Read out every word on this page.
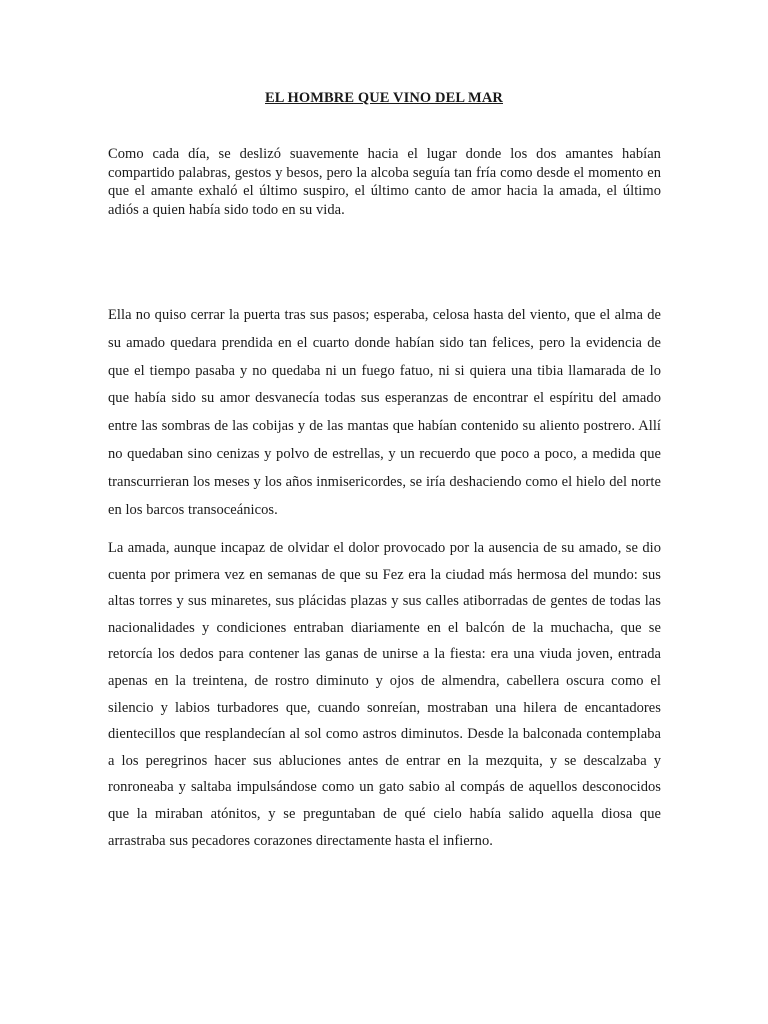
EL HOMBRE QUE VINO DEL MAR

Como cada día, se deslizó suavemente hacia el lugar donde los dos amantes habían compartido palabras, gestos y besos, pero la alcoba seguía tan fría como desde el momento en que el amante exhaló el último suspiro, el último canto de amor hacia la amada, el último adiós a quien había sido todo en su vida.

Ella no quiso cerrar la puerta tras sus pasos; esperaba, celosa hasta del viento, que el alma de su amado quedara prendida en el cuarto donde habían sido tan felices, pero la evidencia de que el tiempo pasaba y no quedaba ni un fuego fatuo, ni si quiera una tibia llamarada de lo que había sido su amor desvanecía todas sus esperanzas de encontrar el espíritu del amado entre las sombras de las cobijas y de las mantas que habían contenido su aliento postrero. Allí no quedaban sino cenizas y polvo de estrellas, y un recuerdo que poco a poco, a medida que transcurrieran los meses y los años inmisericordes, se iría deshaciendo como el hielo del norte en los barcos transoceánicos.

La amada, aunque incapaz de olvidar el dolor provocado por la ausencia de su amado, se dio cuenta por primera vez en semanas de que su Fez era la ciudad más hermosa del mundo: sus altas torres y sus minaretes, sus plácidas plazas y sus calles atiborradas de gentes de todas las nacionalidades y condiciones entraban diariamente en el balcón de la muchacha, que se retorcía los dedos para contener las ganas de unirse a la fiesta: era una viuda joven, entrada apenas en la treintena, de rostro diminuto y ojos de almendra, cabellera oscura como el silencio y labios turbadores que, cuando sonreían, mostraban una hilera de encantadores dientecillos que resplandecían al sol como astros diminutos. Desde la balconada contemplaba a los peregrinos hacer sus abluciones antes de entrar en la mezquita, y se descalzaba y ronroneaba y saltaba impulsándose como un gato sabio al compás de aquellos desconocidos que la miraban atónitos, y se preguntaban de qué cielo había salido aquella diosa que arrastraba sus pecadores corazones directamente hasta el infierno.
